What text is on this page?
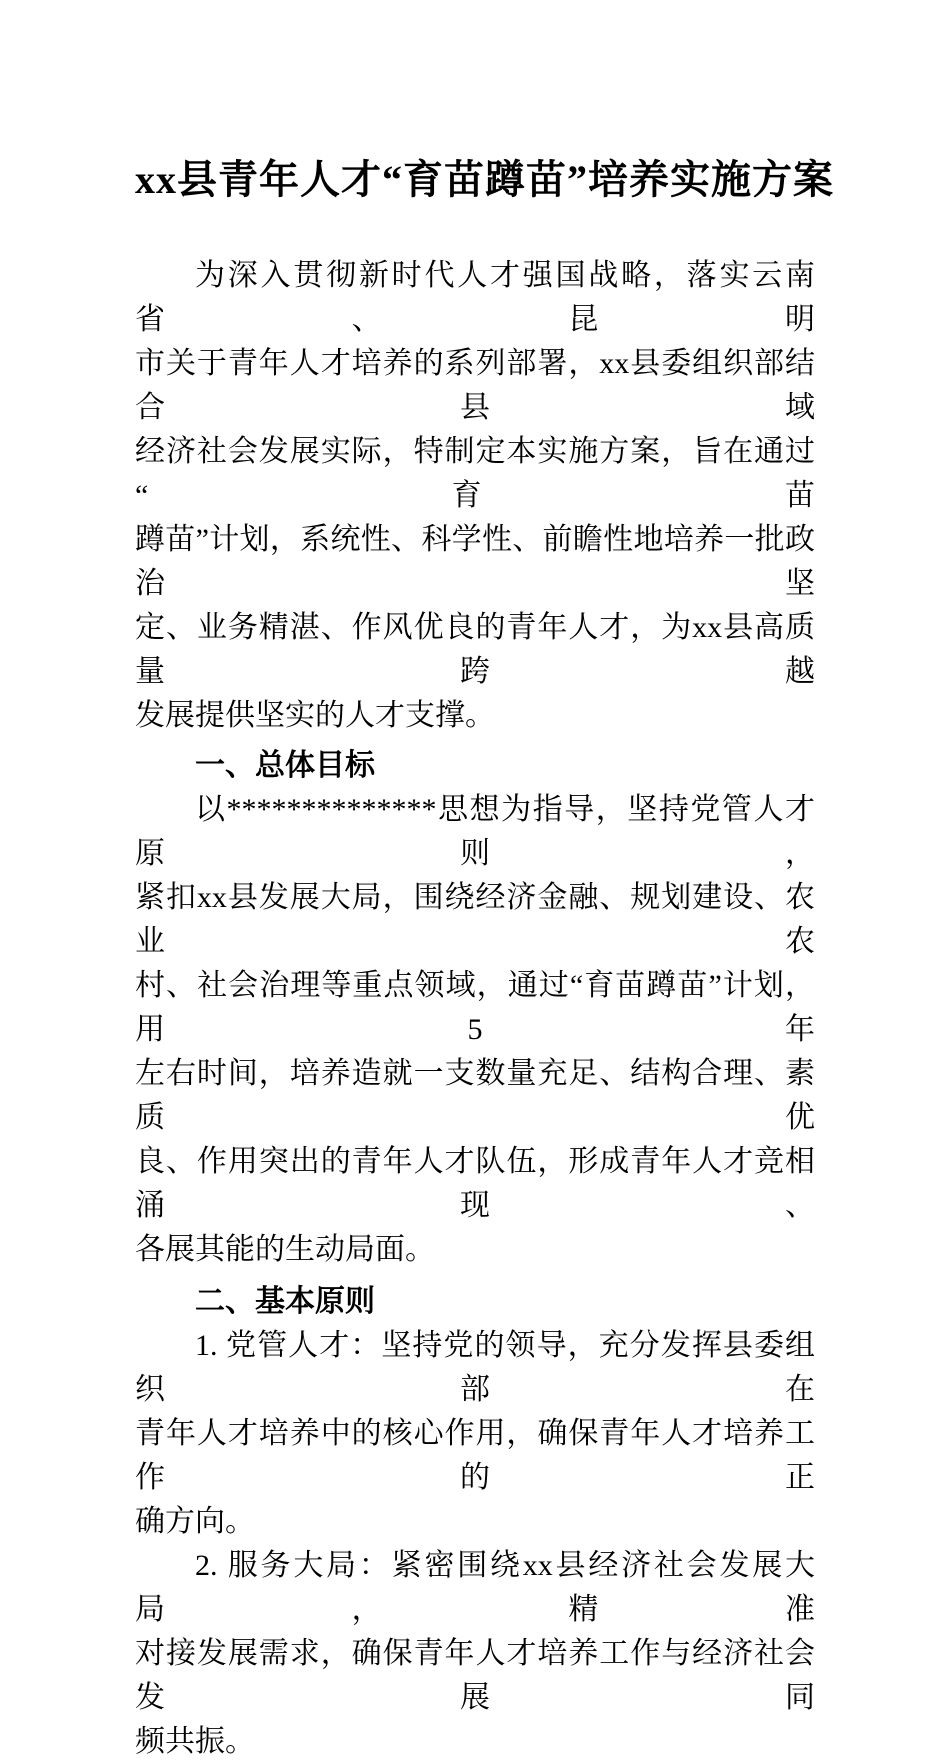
xx县青年人才“育苗蹲苗”培养实施方案
为深入贯彻新时代人才强国战略，落实云南省、昆明
市关于青年人才培养的系列部署，xx县委组织部结合县域
经济社会发展实际，特制定本实施方案，旨在通过“育苗
蹲苗”计划，系统性、科学性、前瞻性地培养一批政治坚
定、业务精湛、作风优良的青年人才，为xx县高质量跨越
发展提供坚实的人才支撑。
一、总体目标
以**************思想为指导，坚持党管人才原则，
紧扣xx县发展大局，围绕经济金融、规划建设、农业农
村、社会治理等重点领域，通过“育苗蹲苗”计划，用5年
左右时间，培养造就一支数量充足、结构合理、素质优
良、作用突出的青年人才队伍，形成青年人才竞相涌现、
各展其能的生动局面。
二、基本原则
1. 党管人才：坚持党的领导，充分发挥县委组织部在
青年人才培养中的核心作用，确保青年人才培养工作的正
确方向。
2. 服务大局：紧密围绕xx县经济社会发展大局，精准
对接发展需求，确保青年人才培养工作与经济社会发展同
频共振。
